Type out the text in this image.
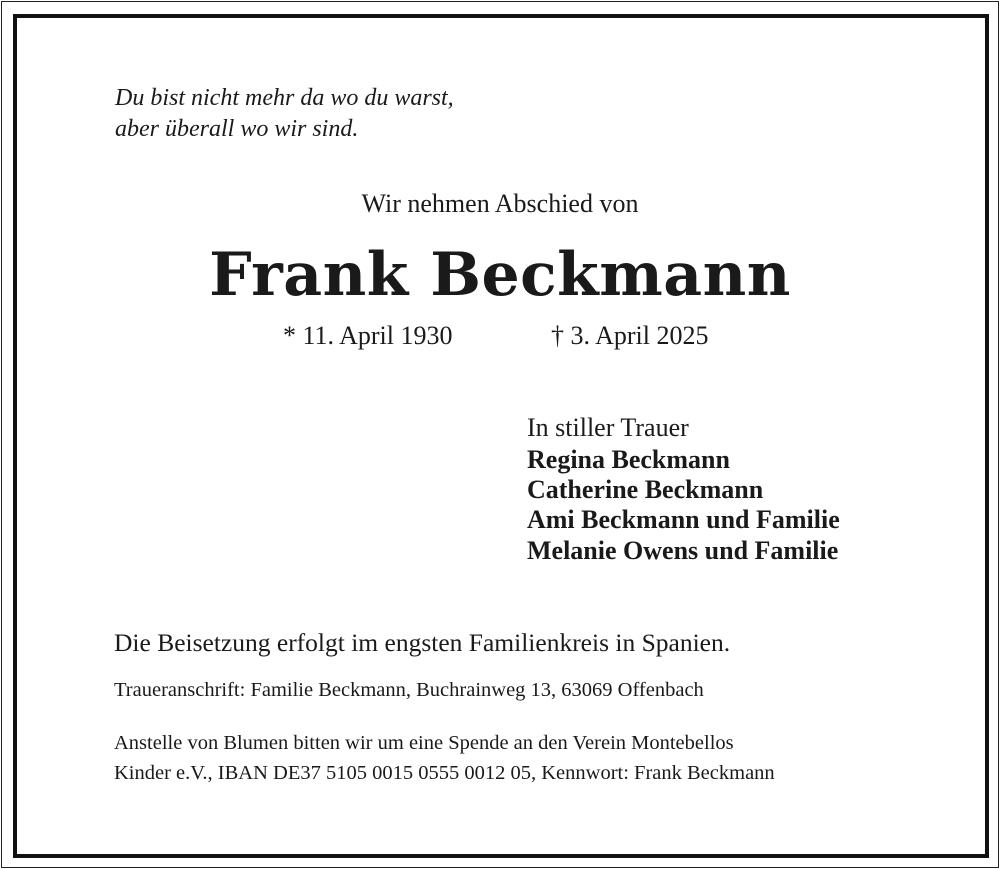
Du bist nicht mehr da wo du warst,
aber überall wo wir sind.
Wir nehmen Abschied von
Frank Beckmann
* 11. April 1930	† 3. April 2025
In stiller Trauer
Regina Beckmann
Catherine Beckmann
Ami Beckmann und Familie
Melanie Owens und Familie
Die Beisetzung erfolgt im engsten Familienkreis in Spanien.
Traueranschrift: Familie Beckmann, Buchrainweg 13, 63069 Offenbach
Anstelle von Blumen bitten wir um eine Spende an den Verein Montebellos
Kinder e.V., IBAN DE37 5105 0015 0555 0012 05, Kennwort: Frank Beckmann
